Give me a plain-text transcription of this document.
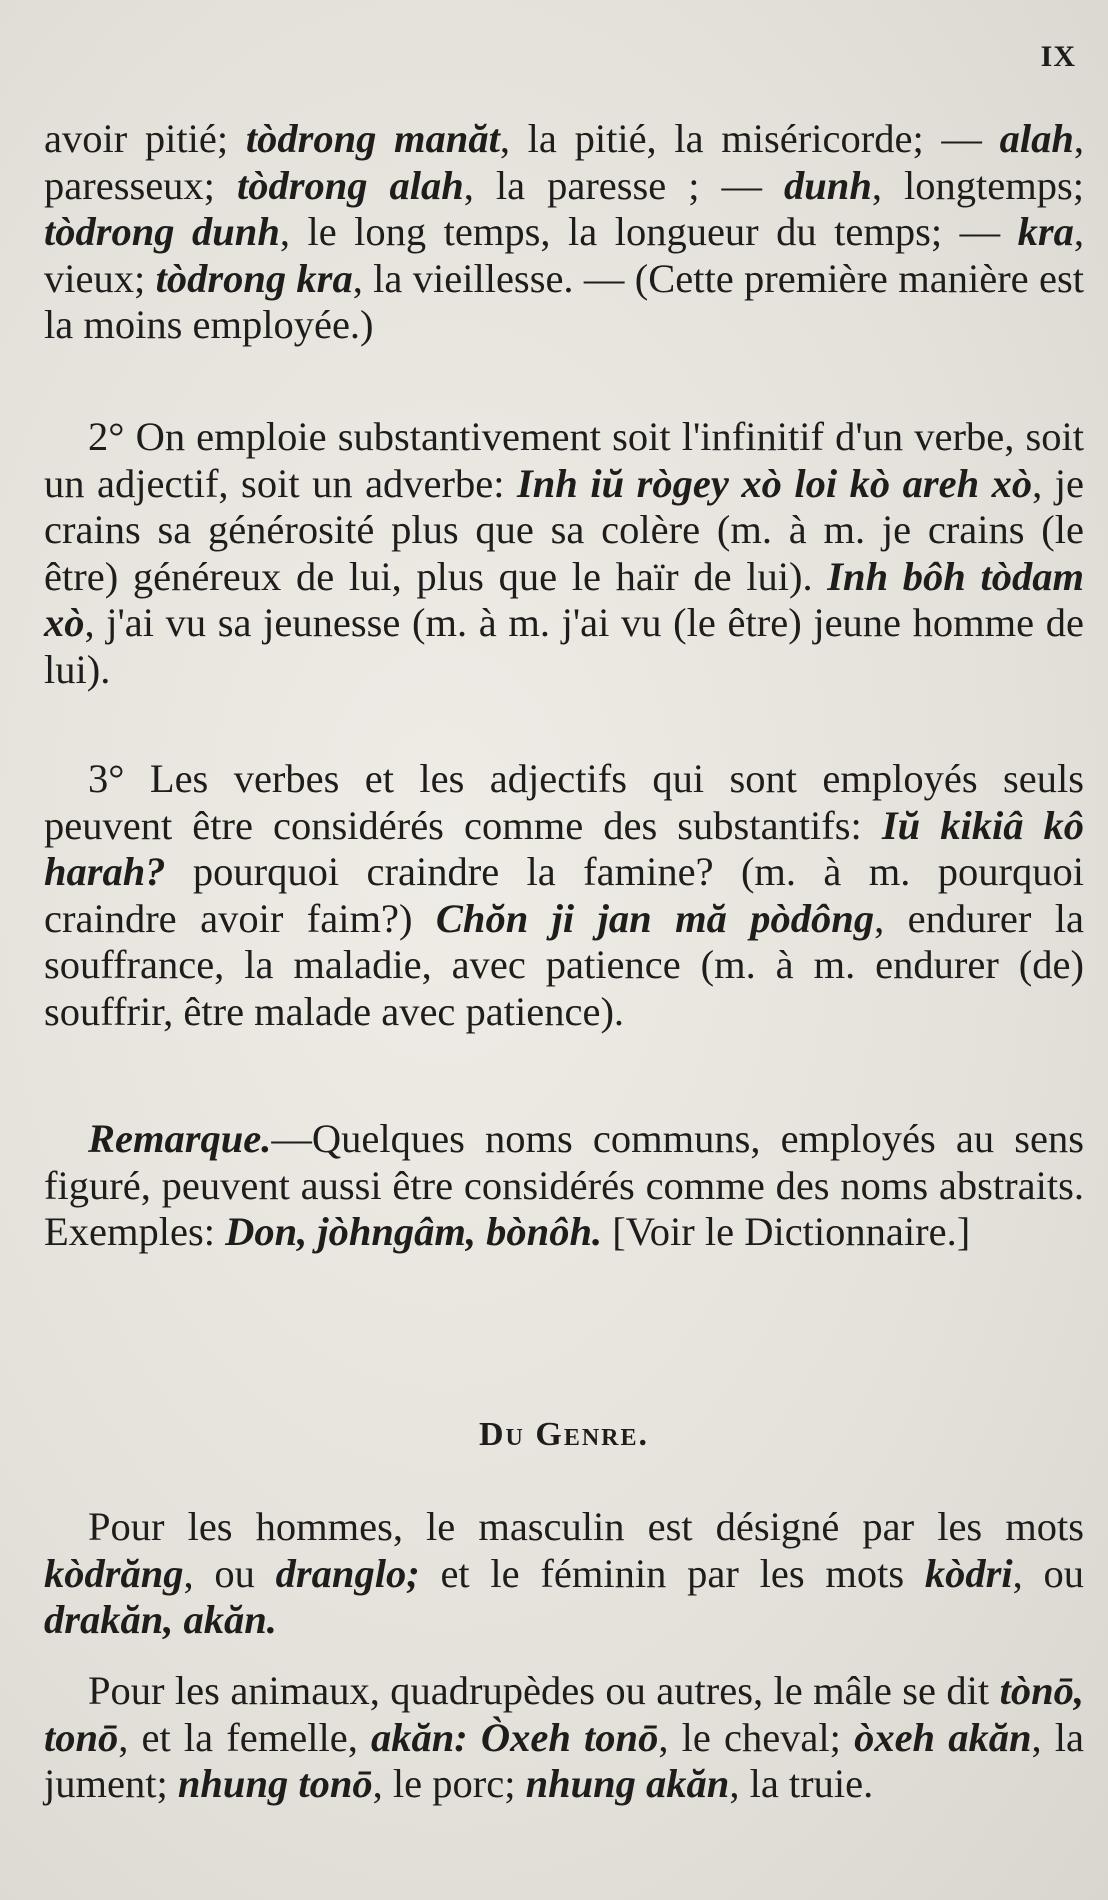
IX

avoir pitié; tòdrong manăt, la pitié, la miséricorde; — alah, paresseux; tòdrong alah, la paresse ; — dunh, longtemps; tòdrong dunh, le long temps, la longueur du temps; — kra, vieux; tòdrong kra, la vieillesse. — (Cette première manière est la moins employée.)

2° On emploie substantivement soit l'infinitif d'un verbe, soit un adjectif, soit un adverbe: Inh iŭ rògey xò loi kò areh xò, je crains sa générosité plus que sa colère (m. à m. je crains (le être) généreux de lui, plus que le haïr de lui). Inh bôh tòdam xò, j'ai vu sa jeunesse (m. à m. j'ai vu (le être) jeune homme de lui).

3° Les verbes et les adjectifs qui sont employés seuls peuvent être considérés comme des substantifs: Iŭ kikiâ kô harah? pourquoi craindre la famine? (m. à m. pourquoi craindre avoir faim?) Chŏn ji jan mă pòdông, endurer la souffrance, la maladie, avec patience (m. à m. endurer (de) souffrir, être malade avec patience).

Remarque.—Quelques noms communs, employés au sens figuré, peuvent aussi être considérés comme des noms abstraits. Exemples: Don, jòhngâm, bònôh. [Voir le Dictionnaire.]

Du Genre.

Pour les hommes, le masculin est désigné par les mots kòdrăng, ou dranglo; et le féminin par les mots kòdri, ou drakăn, akăn.

Pour les animaux, quadrupèdes ou autres, le mâle se dit tònō, tonō, et la femelle, akăn: Òxeh tonō, le cheval; òxeh akăn, la jument; nhung tonō, le porc; nhung akăn, la truie.
